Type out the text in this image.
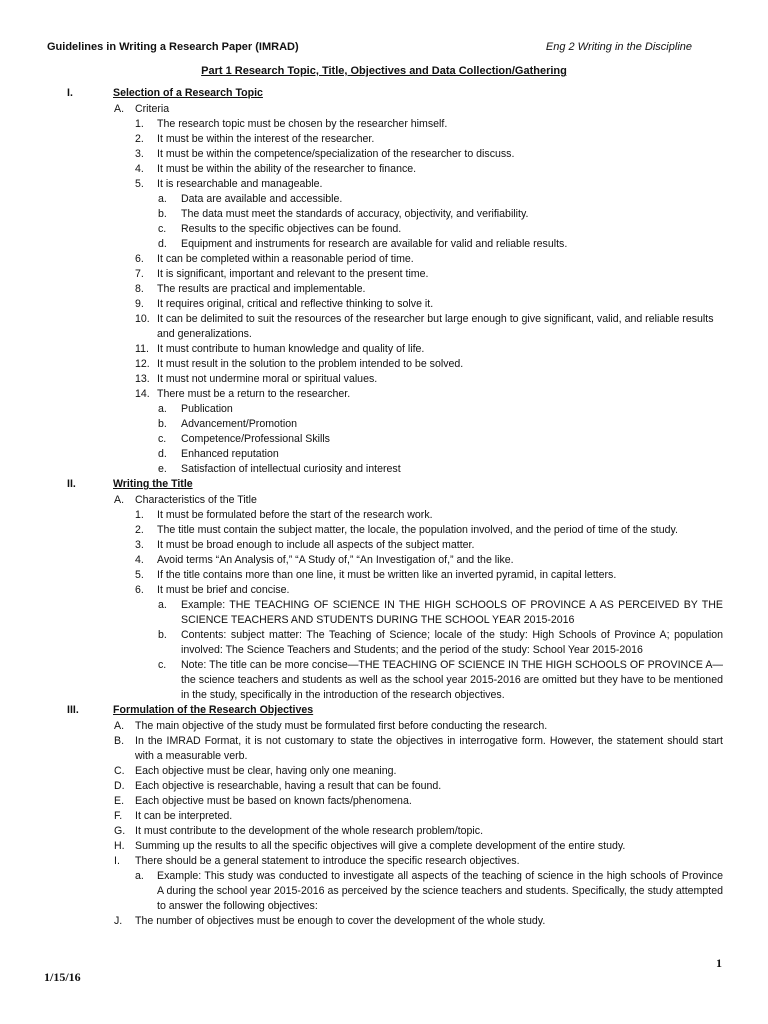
Guidelines in Writing a Research Paper (IMRAD)	Eng 2 Writing in the Discipline
Part 1 Research Topic, Title, Objectives and Data Collection/Gathering
I.	Selection of a Research Topic
A. Criteria
1. The research topic must be chosen by the researcher himself.
2. It must be within the interest of the researcher.
3. It must be within the competence/specialization of the researcher to discuss.
4. It must be within the ability of the researcher to finance.
5. It is researchable and manageable.
a. Data are available and accessible.
b. The data must meet the standards of accuracy, objectivity, and verifiability.
c. Results to the specific objectives can be found.
d. Equipment and instruments for research are available for valid and reliable results.
6. It can be completed within a reasonable period of time.
7. It is significant, important and relevant to the present time.
8. The results are practical and implementable.
9. It requires original, critical and reflective thinking to solve it.
10. It can be delimited to suit the resources of the researcher but large enough to give significant, valid, and reliable results and generalizations.
11. It must contribute to human knowledge and quality of life.
12. It must result in the solution to the problem intended to be solved.
13. It must not undermine moral or spiritual values.
14. There must be a return to the researcher.
a. Publication
b. Advancement/Promotion
c. Competence/Professional Skills
d. Enhanced reputation
e. Satisfaction of intellectual curiosity and interest
II.	Writing the Title
A. Characteristics of the Title
1. It must be formulated before the start of the research work.
2. The title must contain the subject matter, the locale, the population involved, and the period of time of the study.
3. It must be broad enough to include all aspects of the subject matter.
4. Avoid terms “An Analysis of,” “A Study of,” “An Investigation of,” and the like.
5. If the title contains more than one line, it must be written like an inverted pyramid, in capital letters.
6. It must be brief and concise.
a. Example: THE TEACHING OF SCIENCE IN THE HIGH SCHOOLS OF PROVINCE A AS PERCEIVED BY THE SCIENCE TEACHERS AND STUDENTS DURING THE SCHOOL YEAR 2015-2016
b. Contents: subject matter: The Teaching of Science; locale of the study: High Schools of Province A; population involved: The Science Teachers and Students; and the period of the study: School Year 2015-2016
c. Note: The title can be more concise—THE TEACHING OF SCIENCE IN THE HIGH SCHOOLS OF PROVINCE A—the science teachers and students as well as the school year 2015-2016 are omitted but they have to be mentioned in the study, specifically in the introduction of the research objectives.
III.	Formulation of the Research Objectives
A. The main objective of the study must be formulated first before conducting the research.
B. In the IMRAD Format, it is not customary to state the objectives in interrogative form. However, the statement should start with a measurable verb.
C. Each objective must be clear, having only one meaning.
D. Each objective is researchable, having a result that can be found.
E. Each objective must be based on known facts/phenomena.
F. It can be interpreted.
G. It must contribute to the development of the whole research problem/topic.
H. Summing up the results to all the specific objectives will give a complete development of the entire study.
I. There should be a general statement to introduce the specific research objectives.
a. Example: This study was conducted to investigate all aspects of the teaching of science in the high schools of Province A during the school year 2015-2016 as perceived by the science teachers and students. Specifically, the study attempted to answer the following objectives:
J. The number of objectives must be enough to cover the development of the whole study.
1
1/15/16
